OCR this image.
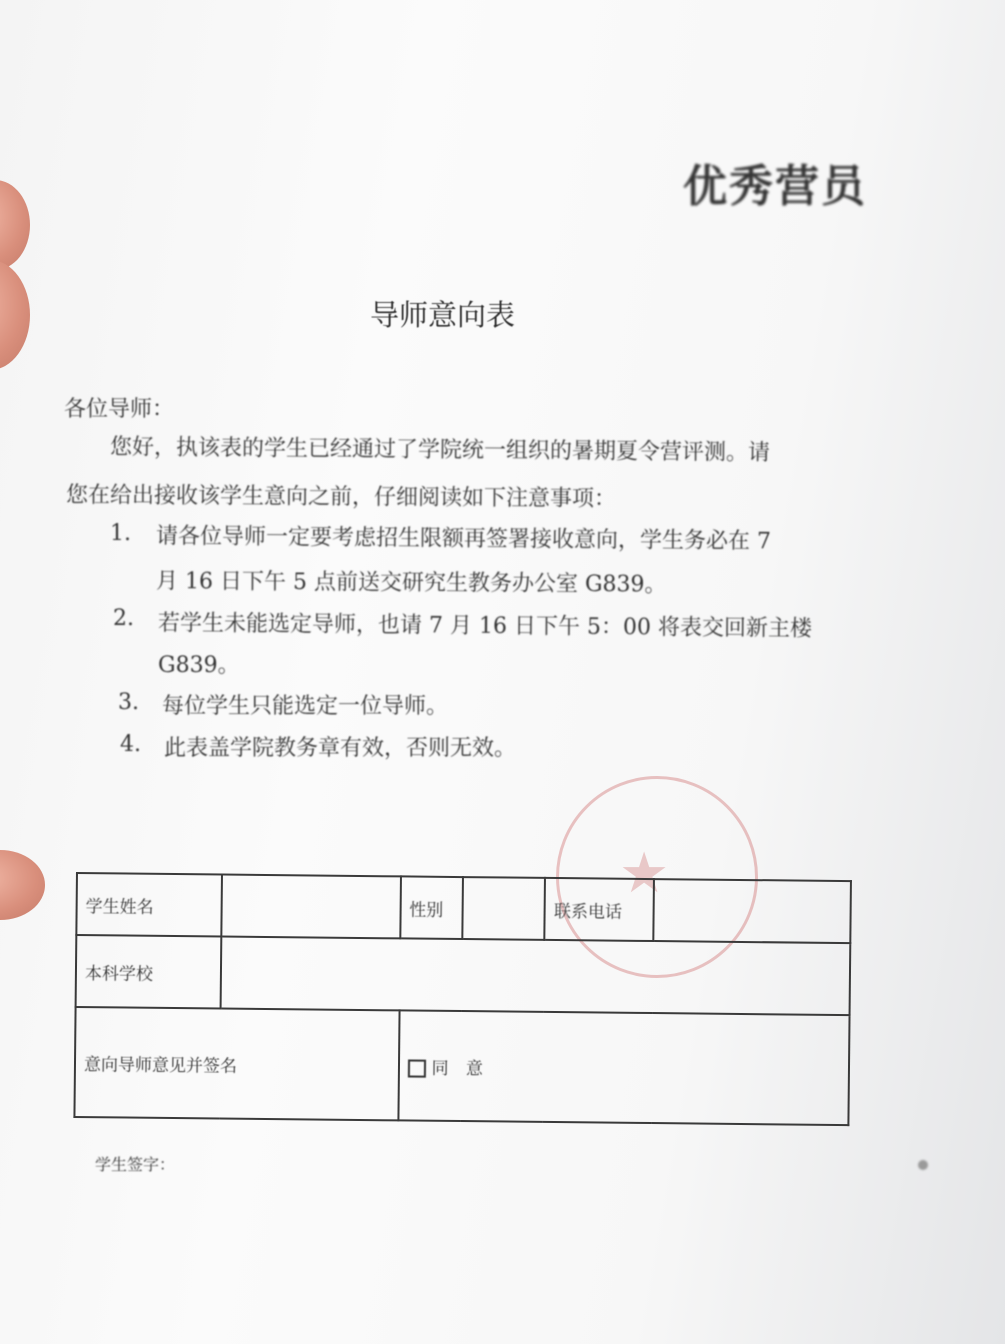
优秀营员
导师意向表
各位导师：
您好，执该表的学生已经通过了学院统一组织的暑期夏令营评测。请
您在给出接收该学生意向之前，仔细阅读如下注意事项：
1. 请各位导师一定要考虑招生限额再签署接收意向，学生务必在 7
月 16 日下午 5 点前送交研究生教务办公室 G839。
2. 若学生未能选定导师，也请 7 月 16 日下午 5：00 将表交回新主楼
G839。
3. 每位学生只能选定一位导师。
4. 此表盖学院教务章有效，否则无效。
★
学生姓名		性别		联系电话	
本科学校					
意向导师意见并签名		同 意			
学生签字：
